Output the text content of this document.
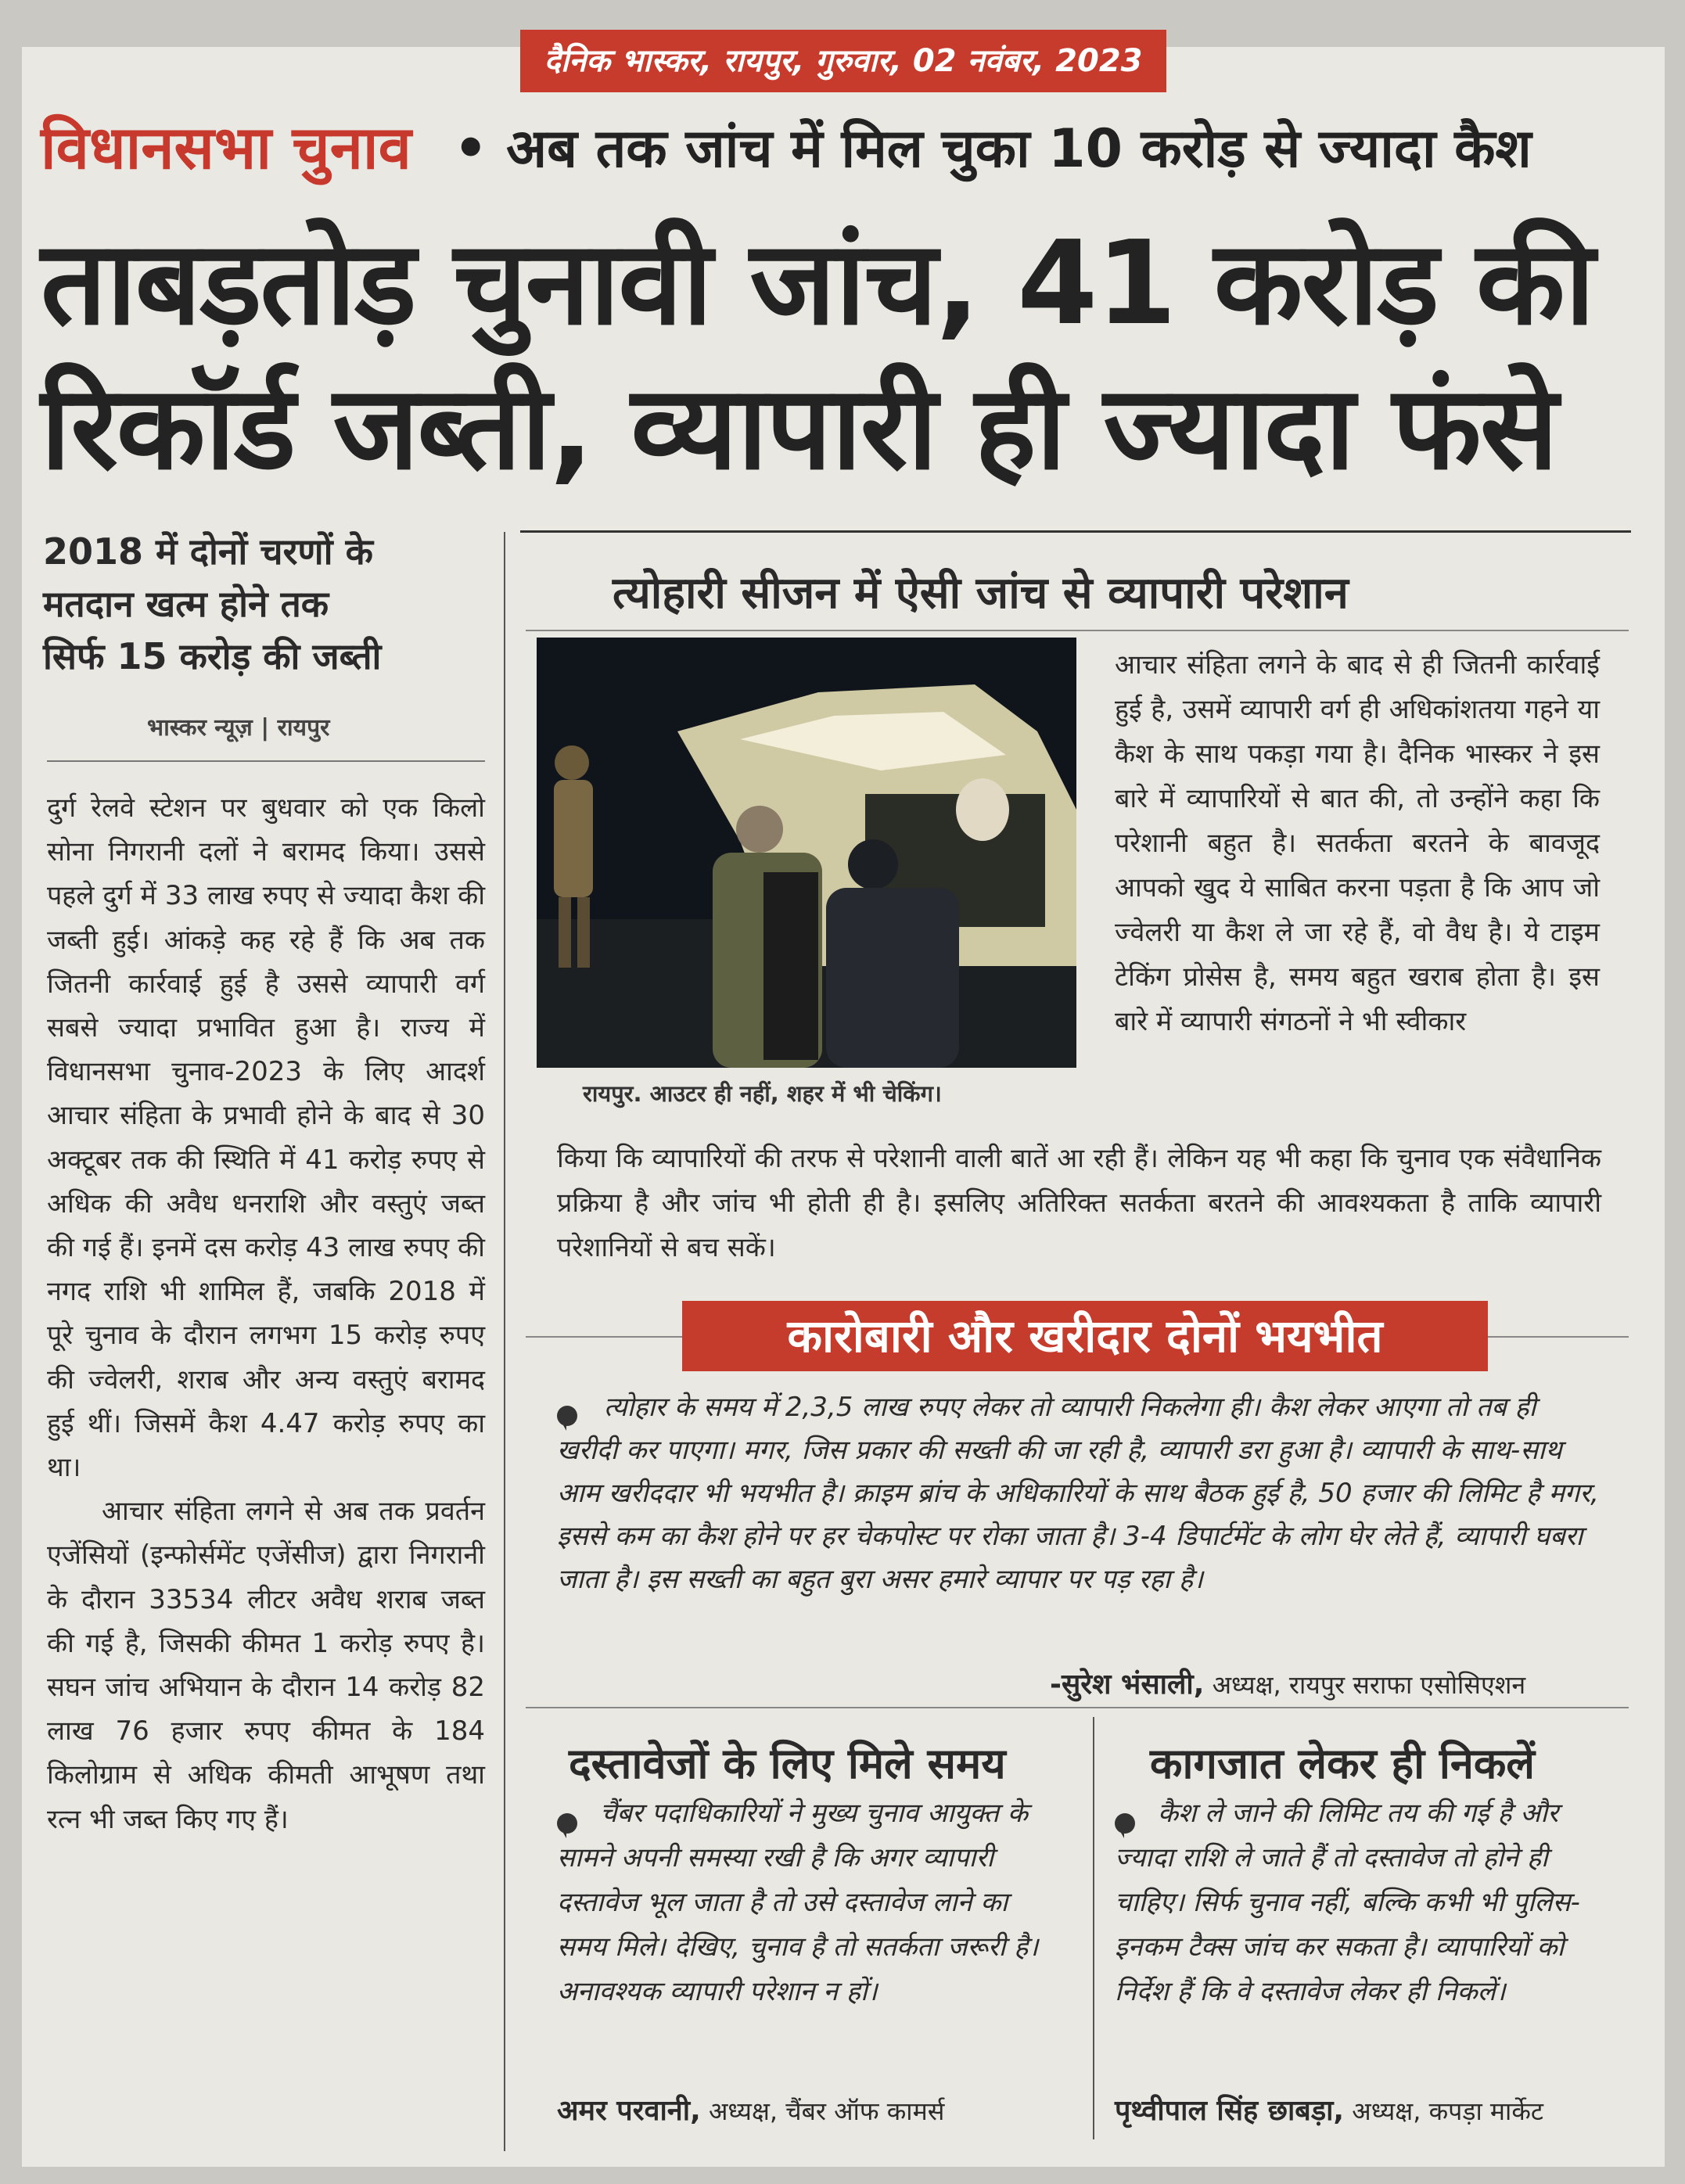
दैनिक भास्कर, रायपुर, गुरुवार, 02 नवंबर, 2023
विधानसभा चुनाव • अब तक जांच में मिल चुका 10 करोड़ से ज्यादा कैश
ताबड़तोड़ चुनावी जांच, 41 करोड़ की
रिकॉर्ड जब्ती, व्यापारी ही ज्यादा फंसे
2018 में दोनों चरणों के
मतदान खत्म होने तक
सिर्फ 15 करोड़ की जब्ती
भास्कर न्यूज़ | रायपुर

दुर्ग रेलवे स्टेशन पर बुधवार को एक किलो सोना निगरानी दलों ने बरामद किया। उससे पहले दुर्ग में 33 लाख रुपए से ज्यादा कैश की जब्ती हुई। आंकड़े कह रहे हैं कि अब तक जितनी कार्रवाई हुई है उससे व्यापारी वर्ग सबसे ज्यादा प्रभावित हुआ है। राज्य में विधानसभा चुनाव-2023 के लिए आदर्श आचार संहिता के प्रभावी होने के बाद से 30 अक्टूबर तक की स्थिति में 41 करोड़ रुपए से अधिक की अवैध धनराशि और वस्तुएं जब्त की गई हैं। इनमें दस करोड़ 43 लाख रुपए की नगद राशि भी शामिल हैं, जबकि 2018 में पूरे चुनाव के दौरान लगभग 15 करोड़ रुपए की ज्वेलरी, शराब और अन्य वस्तुएं बरामद हुई थीं। जिसमें कैश 4.47 करोड़ रुपए का था।

आचार संहिता लगने से अब तक प्रवर्तन एजेंसियों (इन्फोर्समेंट एजेंसीज) द्वारा निगरानी के दौरान 33534 लीटर अवैध शराब जब्त की गई है, जिसकी कीमत 1 करोड़ रुपए है। सघन जांच अभियान के दौरान 14 करोड़ 82 लाख 76 हजार रुपए कीमत के 184 किलोग्राम से अधिक कीमती आभूषण तथा रत्न भी जब्त किए गए हैं।

त्योहारी सीजन में ऐसी जांच से व्यापारी परेशान
रायपुर. आउटर ही नहीं, शहर में भी चेकिंग।
आचार संहिता लगने के बाद से ही जितनी कार्रवाई हुई है, उसमें व्यापारी वर्ग ही अधिकांशतया गहने या कैश के साथ पकड़ा गया है। दैनिक भास्कर ने इस बारे में व्यापारियों से बात की, तो उन्होंने कहा कि परेशानी बहुत है। सतर्कता बरतने के बावजूद आपको खुद ये साबित करना पड़ता है कि आप जो ज्वेलरी या कैश ले जा रहे हैं, वो वैध है। ये टाइम टेकिंग प्रोसेस है, समय बहुत खराब होता है। इस बारे में व्यापारी संगठनों ने भी स्वीकार
किया कि व्यापारियों की तरफ से परेशानी वाली बातें आ रही हैं। लेकिन यह भी कहा कि चुनाव एक संवैधानिक प्रक्रिया है और जांच भी होती ही है। इसलिए अतिरिक्त सतर्कता बरतने की आवश्यकता है ताकि व्यापारी परेशानियों से बच सकें।
कारोबारी और खरीदार दोनों भयभीत
त्योहार के समय में 2,3,5 लाख रुपए लेकर तो व्यापारी निकलेगा ही। कैश लेकर आएगा तो तब ही खरीदी कर पाएगा। मगर, जिस प्रकार की सख्ती की जा रही है, व्यापारी डरा हुआ है। व्यापारी के साथ-साथ आम खरीददार भी भयभीत है। क्राइम ब्रांच के अधिकारियों के साथ बैठक हुई है, 50 हजार की लिमिट है मगर, इससे कम का कैश होने पर हर चेकपोस्ट पर रोका जाता है। 3-4 डिपार्टमेंट के लोग घेर लेते हैं, व्यापारी घबरा जाता है। इस सख्ती का बहुत बुरा असर हमारे व्यापार पर पड़ रहा है।
-सुरेश भंसाली, अध्यक्ष, रायपुर सराफा एसोसिएशन
दस्तावेजों के लिए मिले समय
चैंबर पदाधिकारियों ने मुख्य चुनाव आयुक्त के सामने अपनी समस्या रखी है कि अगर व्यापारी दस्तावेज भूल जाता है तो उसे दस्तावेज लाने का समय मिले। देखिए, चुनाव है तो सतर्कता जरूरी है। अनावश्यक व्यापारी परेशान न हों।
अमर परवानी, अध्यक्ष, चैंबर ऑफ कामर्स
कागजात लेकर ही निकलें
कैश ले जाने की लिमिट तय की गई है और ज्यादा राशि ले जाते हैं तो दस्तावेज तो होने ही चाहिए। सिर्फ चुनाव नहीं, बल्कि कभी भी पुलिस-इनकम टैक्स जांच कर सकता है। व्यापारियों को निर्देश हैं कि वे दस्तावेज लेकर ही निकलें।
पृथ्वीपाल सिंह छाबड़ा, अध्यक्ष, कपड़ा मार्केट
